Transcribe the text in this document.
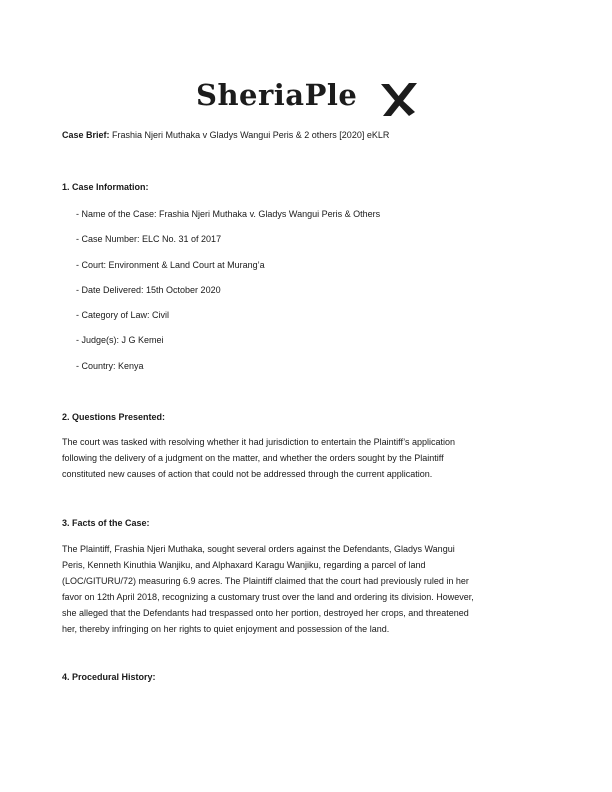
SheriaPle
Case Brief: Frashia Njeri Muthaka v Gladys Wangui Peris & 2 others [2020] eKLR
1. Case Information:
- Name of the Case: Frashia Njeri Muthaka v. Gladys Wangui Peris & Others
- Case Number: ELC No. 31 of 2017
- Court: Environment & Land Court at Murang’a
- Date Delivered: 15th October 2020
- Category of Law: Civil
- Judge(s): J G Kemei
- Country: Kenya
2. Questions Presented:
The court was tasked with resolving whether it had jurisdiction to entertain the Plaintiff’s application
following the delivery of a judgment on the matter, and whether the orders sought by the Plaintiff
constituted new causes of action that could not be addressed through the current application.
3. Facts of the Case:
The Plaintiff, Frashia Njeri Muthaka, sought several orders against the Defendants, Gladys Wangui
Peris, Kenneth Kinuthia Wanjiku, and Alphaxard Karagu Wanjiku, regarding a parcel of land
(LOC/GITURU/72) measuring 6.9 acres. The Plaintiff claimed that the court had previously ruled in her
favor on 12th April 2018, recognizing a customary trust over the land and ordering its division. However,
she alleged that the Defendants had trespassed onto her portion, destroyed her crops, and threatened
her, thereby infringing on her rights to quiet enjoyment and possession of the land.
4. Procedural History:
